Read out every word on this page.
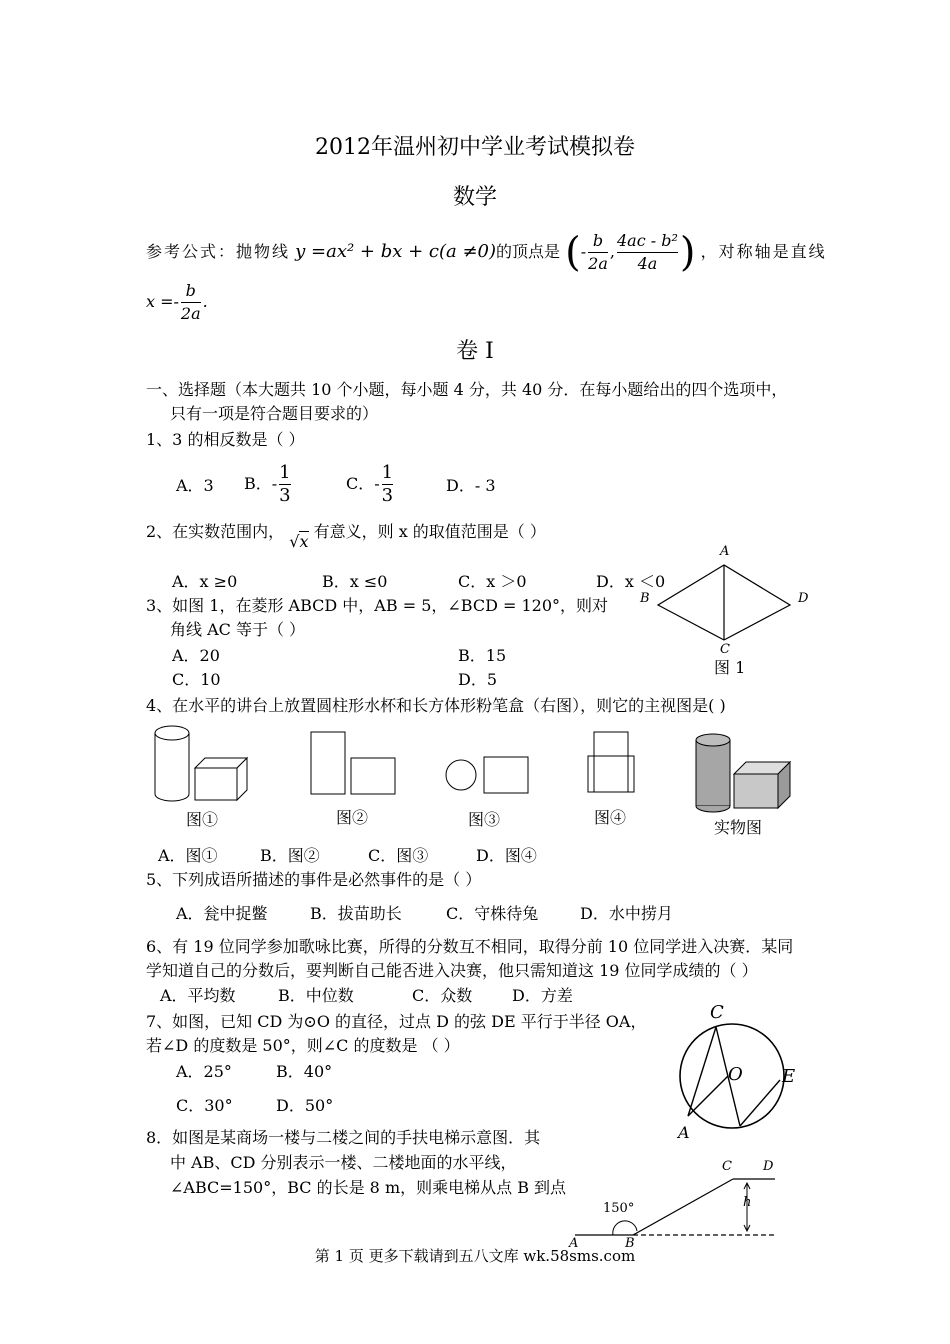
2012年温州初中学业考试模拟卷
数学
参考公式：抛物线 y =ax² + bx + c(a ≠0)的顶点是 (- $\frac{b}{2a}$ , $\frac{\text{4ac - b²}}{4a}$ ) ，对称轴是直线
$x =- \frac{b}{2a}$ .
卷 I
一、选择题（本大题共 10 个小题，每小题 4 分，共 40 分．在每小题给出的四个选项中，
只有一项是符合题目要求的）
1、3 的相反数是（ ）
A．3 B．- $\frac{1}{3}$	C．- $\frac{1}{3}$	D．- 3
2、在实数范围内， √x 有意义，则 x 的取值范围是（ ）
A．x ≥0	B．x ≤0	C．x ＞0	D．x ＜0
3、如图 1，在菱形 ABCD 中，AB = 5，∠BCD = 120°，则对
角线 AC 等于（ ）
A．20	B．15
C．10	D．5
A
B
C
D
图 1
4、在水平的讲台上放置圆柱形水杯和长方体形粉笔盒（右图），则它的主视图是( )
图①	图②	图③	图④
实物图
A．图①	B．图②	C．图③	D．图④
5、下列成语所描述的事件是必然事件的是（ ）
A．瓮中捉鳖	B．拔苗助长	C．守株待兔	D．水中捞月
6、有 19 位同学参加歌咏比赛，所得的分数互不相同，取得分前 10 位同学进入决赛．某同
学知道自己的分数后，要判断自己能否进入决赛，他只需知道这 19 位同学成绩的（ ）
A．平均数	B．中位数	C．众数 D．方差
7、如图，已知 CD 为⊙O 的直径，过点 D 的弦 DE 平行于半径 OA，
若∠D 的度数是 50°，则∠C 的度数是 （ ）
A．25°	B．40°
C．30°	D．50°
C
O E
A
8．如图是某商场一楼与二楼之间的手扶电梯示意图．其
中 AB、CD 分别表示一楼、二楼地面的水平线，
∠ABC=150°，BC 的长是 8 m，则乘电梯从点 B 到点
C D
h
150°
A	B
第 1 页 更多下载请到五八文库 wk.58sms.com
